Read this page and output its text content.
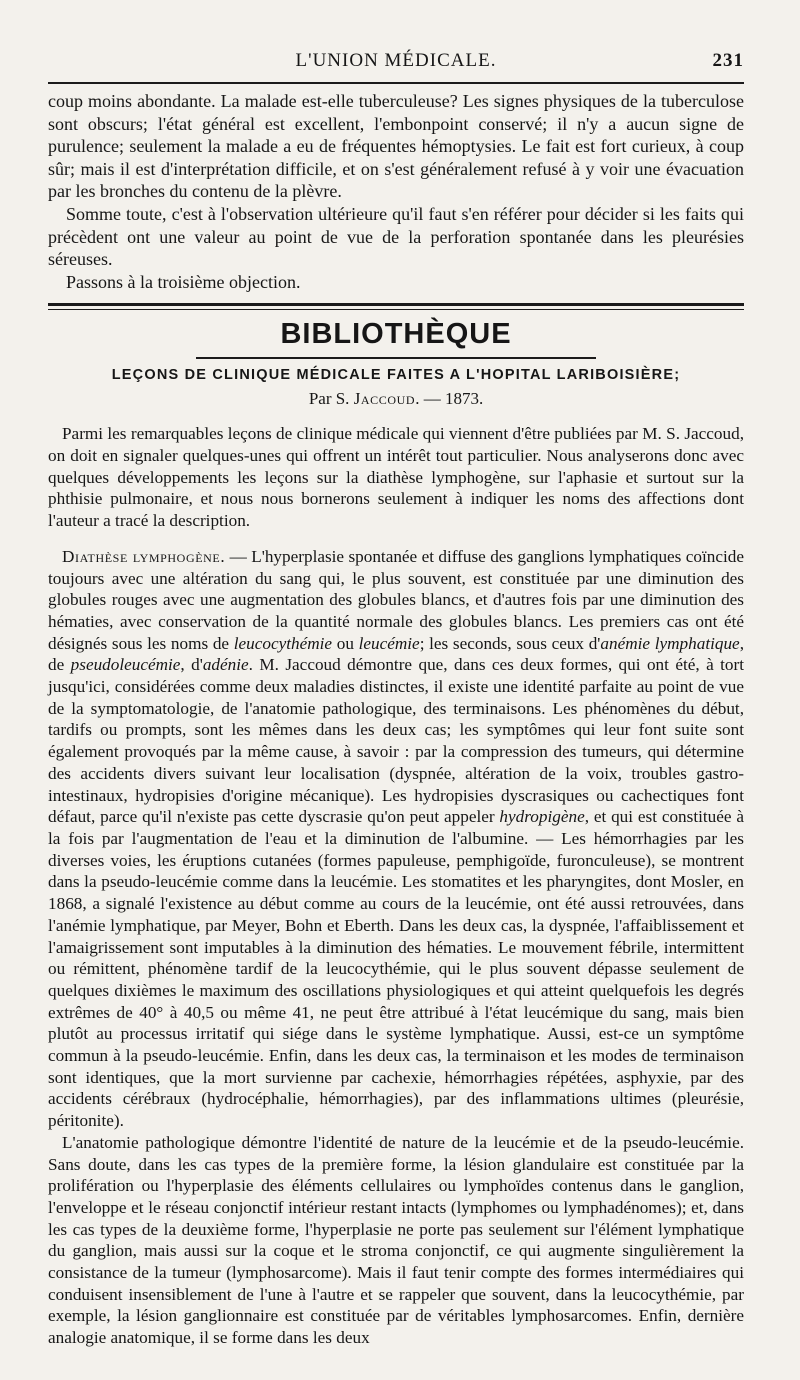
L'UNION MÉDICALE.	231

coup moins abondante. La malade est-elle tuberculeuse? Les signes physiques de la tuberculose sont obscurs; l'état général est excellent, l'embonpoint conservé; il n'y a aucun signe de purulence; seulement la malade a eu de fréquentes hémoptysies. Le fait est fort curieux, à coup sûr; mais il est d'interprétation difficile, et on s'est généralement refusé à y voir une évacuation par les bronches du contenu de la plèvre.

Somme toute, c'est à l'observation ultérieure qu'il faut s'en référer pour décider si les faits qui précèdent ont une valeur au point de vue de la perforation spontanée dans les pleurésies séreuses.

Passons à la troisième objection.

BIBLIOTHÈQUE
LEÇONS DE CLINIQUE MÉDICALE FAITES A L'HOPITAL LARIBOISIÈRE;
Par S. Jaccoud. — 1873.

Parmi les remarquables leçons de clinique médicale qui viennent d'être publiées par M. S. Jaccoud, on doit en signaler quelques-unes qui offrent un intérêt tout particulier. Nous analyserons donc avec quelques développements les leçons sur la diathèse lymphogène, sur l'aphasie et surtout sur la phthisie pulmonaire, et nous nous bornerons seulement à indiquer les noms des affections dont l'auteur a tracé la description.

Diathèse lymphogène. — L'hyperplasie spontanée et diffuse des ganglions lymphatiques coïncide toujours avec une altération du sang qui, le plus souvent, est constituée par une diminution des globules rouges avec une augmentation des globules blancs, et d'autres fois par une diminution des hématies, avec conservation de la quantité normale des globules blancs. Les premiers cas ont été désignés sous les noms de leucocythémie ou leucémie; les seconds, sous ceux d'anémie lymphatique, de pseudoleucémie, d'adénie. M. Jaccoud démontre que, dans ces deux formes, qui ont été, à tort jusqu'ici, considérées comme deux maladies distinctes, il existe une identité parfaite au point de vue de la symptomatologie, de l'anatomie pathologique, des terminaisons. Les phénomènes du début, tardifs ou prompts, sont les mêmes dans les deux cas; les symptômes qui leur font suite sont également provoqués par la même cause, à savoir : par la compression des tumeurs, qui détermine des accidents divers suivant leur localisation (dyspnée, altération de la voix, troubles gastro-intestinaux, hydropisies d'origine mécanique). Les hydropisies dyscrasiques ou cachectiques font défaut, parce qu'il n'existe pas cette dyscrasie qu'on peut appeler hydropigène, et qui est constituée à la fois par l'augmentation de l'eau et la diminution de l'albumine. — Les hémorrhagies par les diverses voies, les éruptions cutanées (formes papuleuse, pemphigoïde, furonculeuse), se montrent dans la pseudo-leucémie comme dans la leucémie. Les stomatites et les pharyngites, dont Mosler, en 1868, a signalé l'existence au début comme au cours de la leucémie, ont été aussi retrouvées, dans l'anémie lymphatique, par Meyer, Bohn et Eberth. Dans les deux cas, la dyspnée, l'affaiblissement et l'amaigrissement sont imputables à la diminution des hématies. Le mouvement fébrile, intermittent ou rémittent, phénomène tardif de la leucocythémie, qui le plus souvent dépasse seulement de quelques dixièmes le maximum des oscillations physiologiques et qui atteint quelquefois les degrés extrêmes de 40° à 40,5 ou même 41, ne peut être attribué à l'état leucémique du sang, mais bien plutôt au processus irritatif qui siége dans le système lymphatique. Aussi, est-ce un symptôme commun à la pseudo-leucémie. Enfin, dans les deux cas, la terminaison et les modes de terminaison sont identiques, que la mort survienne par cachexie, hémorrhagies répétées, asphyxie, par des accidents cérébraux (hydrocéphalie, hémorrhagies), par des inflammations ultimes (pleurésie, péritonite).

L'anatomie pathologique démontre l'identité de nature de la leucémie et de la pseudo-leucémie. Sans doute, dans les cas types de la première forme, la lésion glandulaire est constituée par la prolifération ou l'hyperplasie des éléments cellulaires ou lymphoïdes contenus dans le ganglion, l'enveloppe et le réseau conjonctif intérieur restant intacts (lymphomes ou lymphadénomes); et, dans les cas types de la deuxième forme, l'hyperplasie ne porte pas seulement sur l'élément lymphatique du ganglion, mais aussi sur la coque et le stroma conjonctif, ce qui augmente singulièrement la consistance de la tumeur (lymphosarcome). Mais il faut tenir compte des formes intermédiaires qui conduisent insensiblement de l'une à l'autre et se rappeler que souvent, dans la leucocythémie, par exemple, la lésion ganglionnaire est constituée par de véritables lymphosarcomes. Enfin, dernière analogie anatomique, il se forme dans les deux
